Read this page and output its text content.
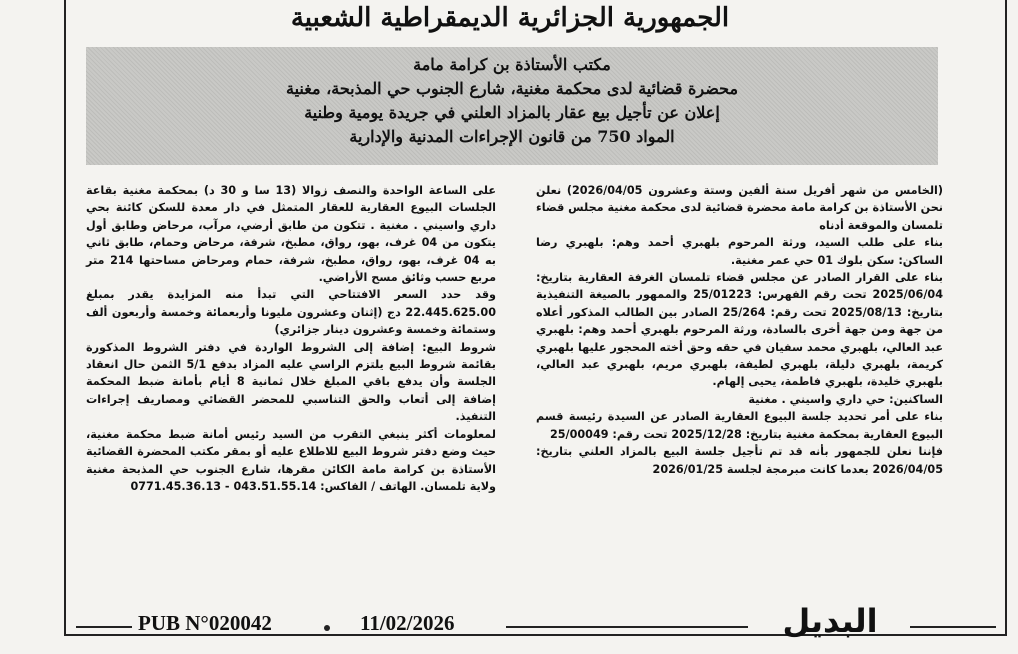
الجمهورية الجزائرية الديمقراطية الشعبية
مكتب الأستاذة بن كرامة مامة
محضرة قضائية لدى محكمة مغنية، شارع الجنوب حي المذبحة، مغنية
إعلان عن تأجيل بيع عقار بالمزاد العلني في جريدة يومية وطنية
المواد 750 من قانون الإجراءات المدنية والإدارية

(الخامس من شهر أفريل سنة ألفين وستة وعشرون 2026/04/05) نعلن نحن الأستاذة بن كرامة مامة محضرة قضائية لدى محكمة مغنية مجلس قضاء تلمسان والموقعة أدناه

بناء على طلب السيد، ورثة المرحوم بلهبري أحمد وهم: بلهبري رضا الساكن: سكن بلوك 01 حي عمر مغنية.

بناء على القرار الصادر عن مجلس قضاء تلمسان الغرفة العقارية بتاريخ: 2025/06/04 تحت رقم الفهرس: 25/01223 والممهور بالصيغة التنفيذية بتاريخ: 2025/08/13 تحت رقم: 25/264 الصادر بين الطالب المذكور أعلاه من جهة ومن جهة أخرى بالسادة، ورثة المرحوم بلهبري أحمد وهم: بلهبري عبد العالي، بلهبري محمد سفيان في حقه وحق أخته المحجور عليها بلهبري كريمة، بلهبري دليلة، بلهبري لطيفة، بلهبري مريم، بلهبري عبد العالي، بلهبري خليدة، بلهبري فاطمة، يحيى إلهام.

الساكنين: حي داري واسيني . مغنية

بناء على أمر تحديد جلسة البيوع العقارية الصادر عن السيدة رئيسة قسم البيوع العقارية بمحكمة مغنية بتاريخ: 2025/12/28 تحت رقم: 25/00049

فإننا نعلن للجمهور بأنه قد تم تأجيل جلسة البيع بالمزاد العلني بتاريخ: 2026/04/05 بعدما كانت مبرمجة لجلسة 2026/01/25

على الساعة الواحدة والنصف زوالا (13 سا و 30 د) بمحكمة مغنية بقاعة الجلسات البيوع العقارية للعقار المتمثل في دار معدة للسكن كائنة بحي داري واسيني . مغنية . تتكون من طابق أرضي، مرآب، مرحاض وطابق أول يتكون من 04 غرف، بهو، رواق، مطبخ، شرفة، مرحاض وحمام، طابق ثاني به 04 غرف، بهو، رواق، مطبخ، شرفة، حمام ومرحاض مساحتها 214 متر مربع حسب وثائق مسح الأراضي.

وقد حدد السعر الافتتاحي التي تبدأ منه المزايدة يقدر بمبلغ 22.445.625.00 دج (إثنان وعشرون مليونا وأربعمائة وخمسة وأربعون ألف وستمائة وخمسة وعشرون دينار جزائري)

شروط البيع: إضافة إلى الشروط الواردة في دفتر الشروط المذكورة بقائمة شروط البيع يلتزم الراسي عليه المزاد بدفع 5/1 الثمن حال انعقاد الجلسة وأن يدفع باقي المبلغ خلال ثمانية 8 أيام بأمانة ضبط المحكمة إضافة إلى أتعاب والحق التناسبي للمحضر القضائي ومصاريف إجراءات التنفيذ.

لمعلومات أكثر ينبغي التقرب من السيد رئيس أمانة ضبط محكمة مغنية، حيث وضع دفتر شروط البيع للاطلاع عليه أو بمقر مكتب المحضرة القضائية الأستاذة بن كرامة مامة الكائن مقرها، شارع الجنوب حي المذبحة مغنية ولاية تلمسان. الهاتف / الفاكس: 043.51.55.14 - 0771.45.36.13

البديل
11/02/2026
PUB N°020042
